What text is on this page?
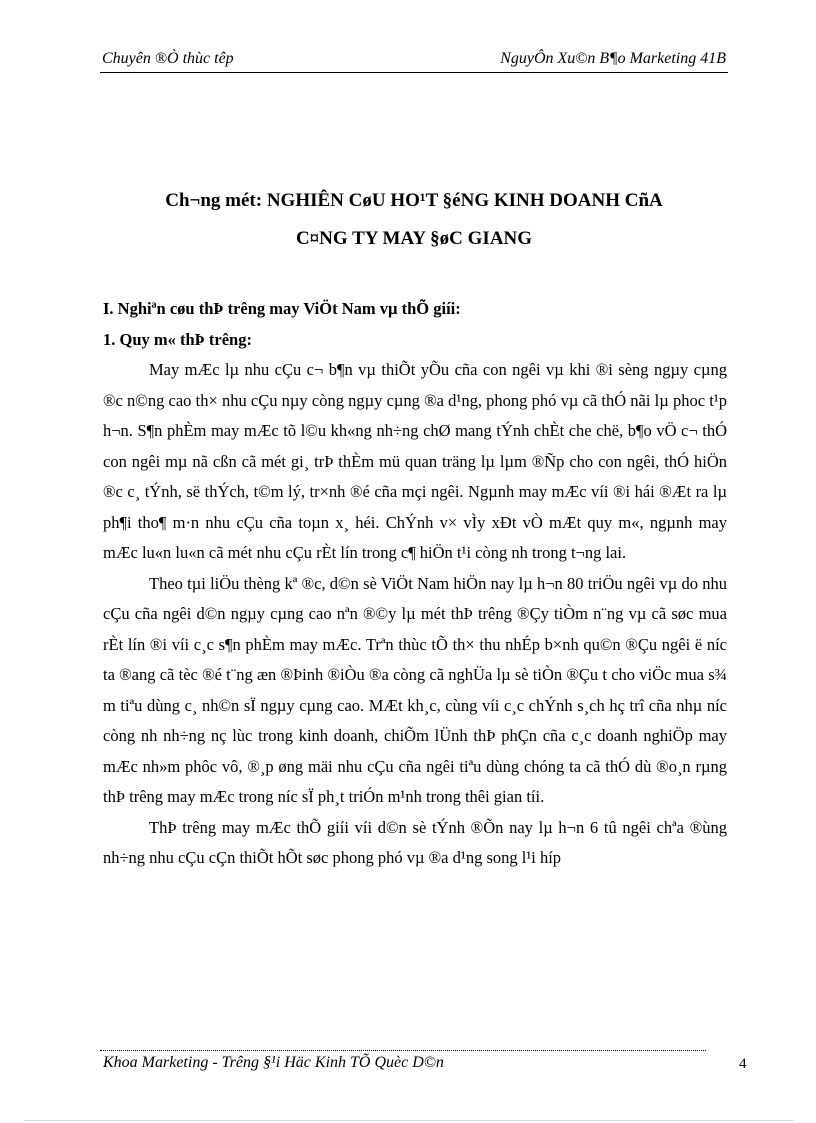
Chuyên ®Ò thùc têp	NguyÔn Xu©n B¶o Marketing 41B
Ch¬ng mét: NGHIÊN CøU HO¹T §éNG KINH DOANH CñA
C¤NG TY MAY §øC GIANG
I. Nghiªn cøu thÞ trêng may ViÖt Nam vµ thÕ giíi:
1. Quy m« thÞ trêng:

May mÆc lµ nhu cÇu c¬ b¶n vµ thiÕt yÕu cña con ngêi vµ khi ®i sèng ngµy cµng ®c n©ng cao th× nhu cÇu nµy còng ngµy cµng ®a d¹ng, phong phó vµ cã thÓ nãi lµ phoc t¹p h¬n. S¶n phÈm may mÆc tõ l©u kh«ng nh÷ng chØ mang tÝnh chÈt che chë, b¶o vÖ c¬ thÓ con ngêi mµ nã cßn cã mét gi¸ trÞ thÈm mü quan träng lµ lµm ®Ñp cho con ngêi, thÓ hiÖn ®c c¸ tÝnh, së thÝch, t©m lý, tr×nh ®é cña mçi ngêi. Ngµnh may mÆc víi ®i hái ®Æt ra lµ ph¶i tho¶ m·n nhu cÇu cña toµn x¸ héi. ChÝnh v× vÌy xÐt vÒ mÆt quy m«, ngµnh may mÆc lu«n lu«n cã mét nhu cÇu rÈt lín trong c¶ hiÖn t¹i còng nh trong t¬ng lai.

Theo tµi liÖu thèng kª ®c, d©n sè ViÖt Nam hiÖn nay lµ h¬n 80 triÖu ngêi vµ do nhu cÇu cña ngêi d©n ngµy cµng cao nªn ®©y lµ mét thÞ trêng ®Çy tiÒm n¨ng vµ cã søc mua rÈt lín ®i víi c¸c s¶n phÈm may mÆc. Trªn thùc tÕ th× thu nhÉp b×nh qu©n ®Çu ngêi ë níc ta ®ang cã tèc ®é t¨ng æn ®Þinh ®iÒu ®a còng cã nghÜa lµ sè tiÒn ®Çu t cho viÖc mua s¾ m tiªu dùng c¸ nh©n sÏ ngµy cµng cao. MÆt kh¸c, cùng víi c¸c chÝnh s¸ch hç trî cña nhµ níc còng nh nh÷ng nç lùc trong kinh doanh, chiÕm lÜnh thÞ phÇn cña c¸c doanh nghiÖp may mÆc nh»m phôc vô, ®¸p øng mäi nhu cÇu cña ngêi tiªu dùng chóng ta cã thÓ dù ®o¸n rµng thÞ trêng may mÆc trong níc sÏ ph¸t triÓn m¹nh trong thêi gian tíi.

ThÞ trêng may mÆc thÕ giíi víi d©n sè tÝnh ®Õn nay lµ h¬n 6 tû ngêi chªa ®ùng nh÷ng nhu cÇu cÇn thiÕt hÕt søc phong phó vµ ®a d¹ng song l¹i híp

Khoa Marketing - Trêng §¹i Häc Kinh TÕ Quèc D©n	4
